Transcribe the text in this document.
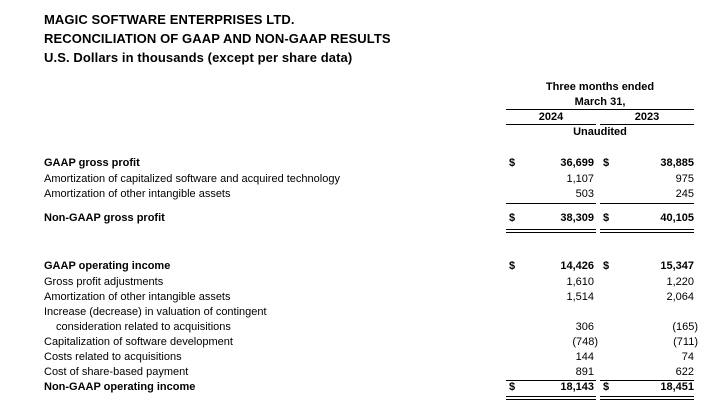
MAGIC SOFTWARE ENTERPRISES LTD.
RECONCILIATION OF GAAP AND NON-GAAP RESULTS
U.S. Dollars in thousands (except per share data)
Three months ended
March 31,
2024	2023
Unaudited
GAAP gross profit	$	36,699 $	38,885
Amortization of capitalized software and acquired technology	1,107	975
Amortization of other intangible assets	503	245
Non-GAAP gross profit	$	38,309 $	40,105
GAAP operating income	$	14,426 $	15,347
Gross profit adjustments	1,610	1,220
Amortization of other intangible assets	1,514	2,064
Increase (decrease) in valuation of contingent
consideration related to acquisitions	306	(165)
Capitalization of software development	(748)	(711)
Costs related to acquisitions	144	74
Cost of share-based payment	891	622
Non-GAAP operating income	$	18,143 $	18,451
